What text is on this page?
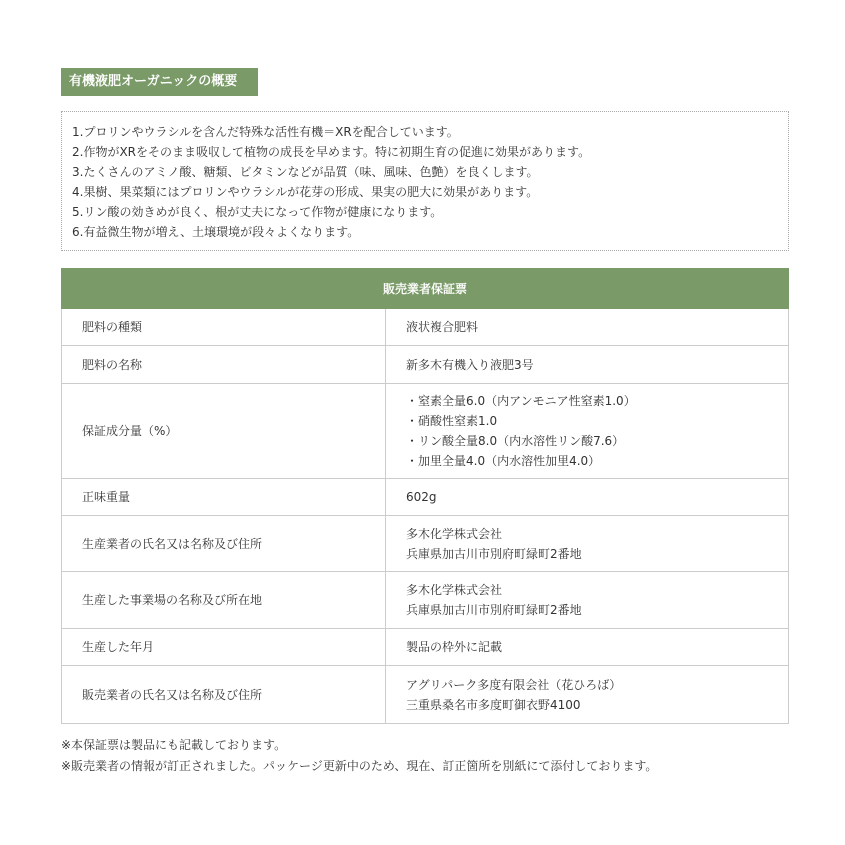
有機液肥オーガニックの概要
1.プロリンやウラシルを含んだ特殊な活性有機＝XRを配合しています。
2.作物がXRをそのまま吸収して植物の成長を早めます。特に初期生育の促進に効果があります。
3.たくさんのアミノ酸、糖類、ビタミンなどが品質（味、風味、色艶）を良くします。
4.果樹、果菜類にはプロリンやウラシルが花芽の形成、果実の肥大に効果があります。
5.リン酸の効きめが良く、根が丈夫になって作物が健康になります。
6.有益微生物が増え、土壌環境が段々よくなります。
販売業者保証票	
肥料の種類	液状複合肥料

肥料の名称	新多木有機入り液肥3号

保証成分量（%）	・窒素全量6.0（内アンモニア性窒素1.0）
・硝酸性窒素1.0
・リン酸全量8.0（内水溶性リン酸7.6）
・加里全量4.0（内水溶性加里4.0）

正味重量	602g

生産業者の氏名又は名称及び住所	多木化学株式会社
兵庫県加古川市別府町緑町2番地

生産した事業場の名称及び所在地	多木化学株式会社
兵庫県加古川市別府町緑町2番地

生産した年月	製品の枠外に記載

販売業者の氏名又は名称及び住所	アグリパーク多度有限会社（花ひろば）
三重県桑名市多度町御衣野4100
※本保証票は製品にも記載しております。
※販売業者の情報が訂正されました。パッケージ更新中のため、現在、訂正箇所を別紙にて添付しております。
